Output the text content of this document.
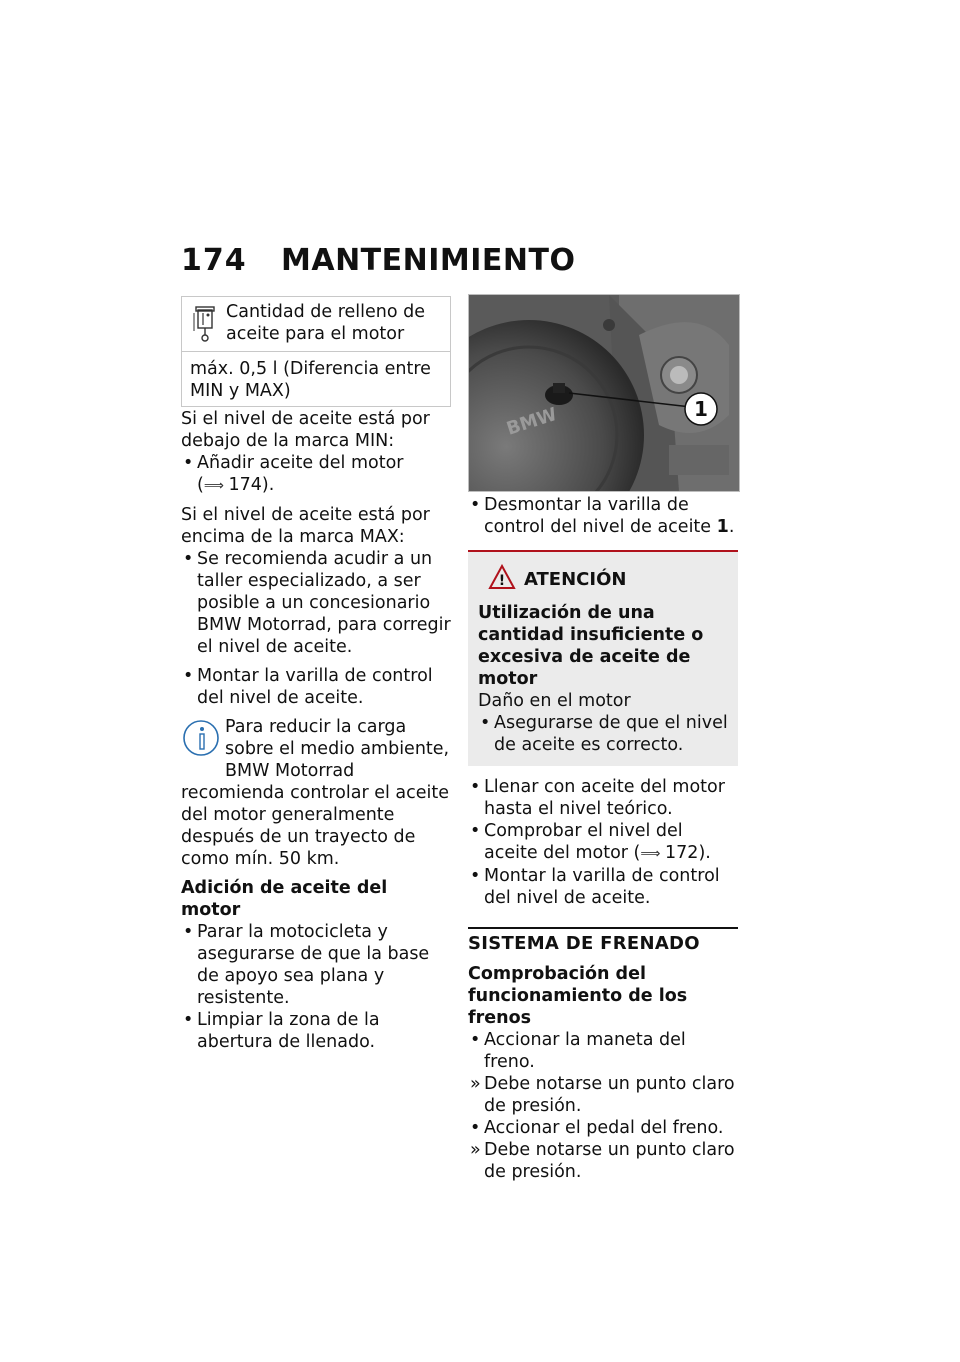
174	MANTENIMIENTO
Cantidad de relleno de aceite para el motor
máx. 0,5 l (Diferencia entre MIN y MAX)

Si el nivel de aceite está por debajo de la marca MIN:

• Añadir aceite del motor
(⟹ 174).

Si el nivel de aceite está por encima de la marca MAX:

• Se recomienda acudir a un taller especializado, a ser posible a un concesionario BMW Motorrad, para corregir el nivel de aceite.
• Montar la varilla de control del nivel de aceite.
Para reducir la carga sobre el medio ambiente, BMW Motorrad recomienda controlar el aceite del motor generalmente después de un trayecto de como mín. 50 km.
Adición de aceite del motor
• Parar la motocicleta y asegurarse de que la base de apoyo sea plana y resistente.
• Limpiar la zona de la abertura de llenado.
1
BMW
• Desmontar la varilla de control del nivel de aceite 1.
! ATENCIÓN
Utilización de una cantidad insuficiente o excesiva de aceite de motor
Daño en el motor
• Asegurarse de que el nivel de aceite es correcto.
• Llenar con aceite del motor hasta el nivel teórico.
• Comprobar el nivel del aceite del motor (⟹ 172).
• Montar la varilla de control del nivel de aceite.
SISTEMA DE FRENADO
Comprobación del funcionamiento de los frenos
• Accionar la maneta del freno.
» Debe notarse un punto claro de presión.
• Accionar el pedal del freno.
» Debe notarse un punto claro de presión.
